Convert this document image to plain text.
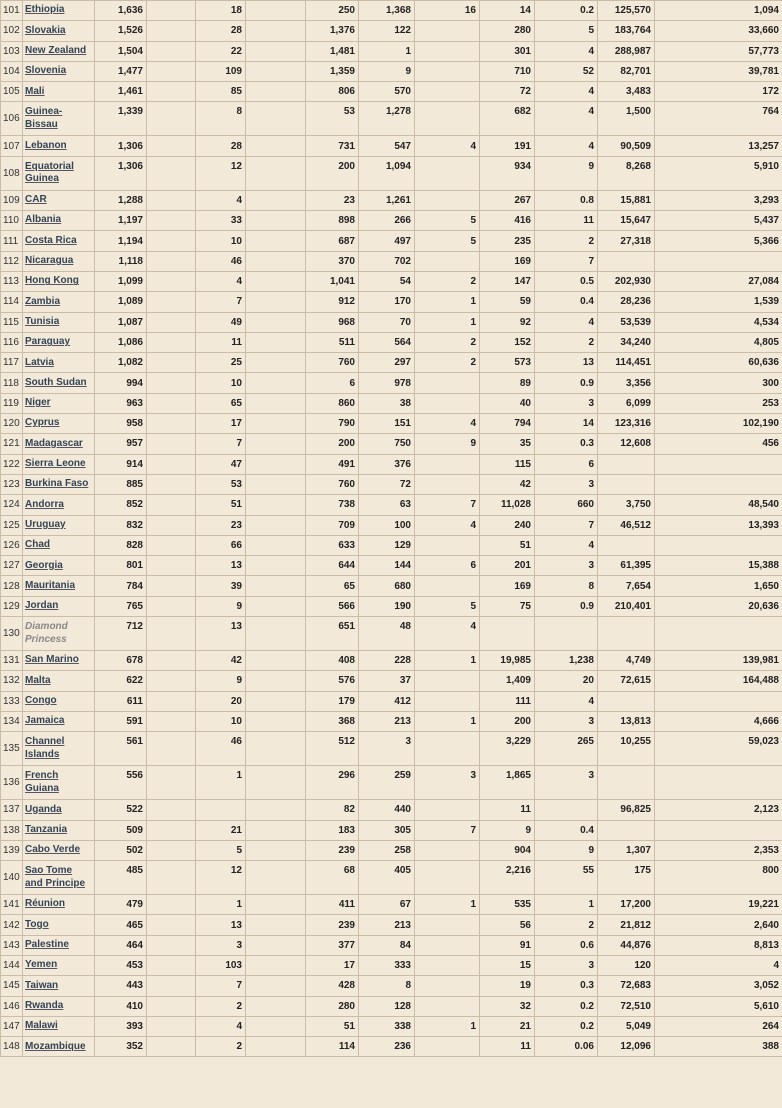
101	Ethiopia	1,636		18		250	1,368	16	14	0.2	125,570	1,094	
102	Slovakia	1,526		28		1,376	122		280	5	183,764	33,660	
103	New Zealand	1,504		22		1,481	1		301	4	288,987	57,773	
104	Slovenia	1,477		109		1,359	9		710	52	82,701	39,781	
105	Mali	1,461		85		806	570		72	4	3,483	172	
106	Guinea-Bissau	1,339		8		53	1,278		682	4	1,500	764	
107	Lebanon	1,306		28		731	547	4	191	4	90,509	13,257	
108	Equatorial Guinea	1,306		12		200	1,094		934	9	8,268	5,910	
109	CAR	1,288		4		23	1,261		267	0.8	15,881	3,293	
110	Albania	1,197		33		898	266	5	416	11	15,647	5,437	
111	Costa Rica	1,194		10		687	497	5	235	2	27,318	5,366	
112	Nicaragua	1,118		46		370	702		169	7			
113	Hong Kong	1,099		4		1,041	54	2	147	0.5	202,930	27,084	
114	Zambia	1,089		7		912	170	1	59	0.4	28,236	1,539	
115	Tunisia	1,087		49		968	70	1	92	4	53,539	4,534	
116	Paraguay	1,086		11		511	564	2	152	2	34,240	4,805	
117	Latvia	1,082		25		760	297	2	573	13	114,451	60,636	
118	South Sudan	994		10		6	978		89	0.9	3,356	300	
119	Niger	963		65		860	38		40	3	6,099	253	
120	Cyprus	958		17		790	151	4	794	14	123,316	102,190	
121	Madagascar	957		7		200	750	9	35	0.3	12,608	456	
122	Sierra Leone	914		47		491	376		115	6			
123	Burkina Faso	885		53		760	72		42	3			
124	Andorra	852		51		738	63	7	11,028	660	3,750	48,540	
125	Uruguay	832		23		709	100	4	240	7	46,512	13,393	
126	Chad	828		66		633	129		51	4			
127	Georgia	801		13		644	144	6	201	3	61,395	15,388	
128	Mauritania	784		39		65	680		169	8	7,654	1,650	
129	Jordan	765		9		566	190	5	75	0.9	210,401	20,636	
130	Diamond Princess	712		13		651	48	4					
131	San Marino	678		42		408	228	1	19,985	1,238	4,749	139,981	
132	Malta	622		9		576	37		1,409	20	72,615	164,488	
133	Congo	611		20		179	412		111	4			
134	Jamaica	591		10		368	213	1	200	3	13,813	4,666	
135	Channel Islands	561		46		512	3		3,229	265	10,255	59,023	
136	French Guiana	556		1		296	259	3	1,865	3			
137	Uganda	522				82	440		11		96,825	2,123	
138	Tanzania	509		21		183	305	7	9	0.4			
139	Cabo Verde	502		5		239	258		904	9	1,307	2,353	
140	Sao Tome and Principe	485		12		68	405		2,216	55	175	800	
141	Réunion	479		1		411	67	1	535	1	17,200	19,221	
142	Togo	465		13		239	213		56	2	21,812	2,640	
143	Palestine	464		3		377	84		91	0.6	44,876	8,813	
144	Yemen	453		103		17	333		15	3	120	4	
145	Taiwan	443		7		428	8		19	0.3	72,683	3,052	
146	Rwanda	410		2		280	128		32	0.2	72,510	5,610	
147	Malawi	393		4		51	338	1	21	0.2	5,049	264	
148	Mozambique	352		2		114	236		11	0.06	12,096	388	
